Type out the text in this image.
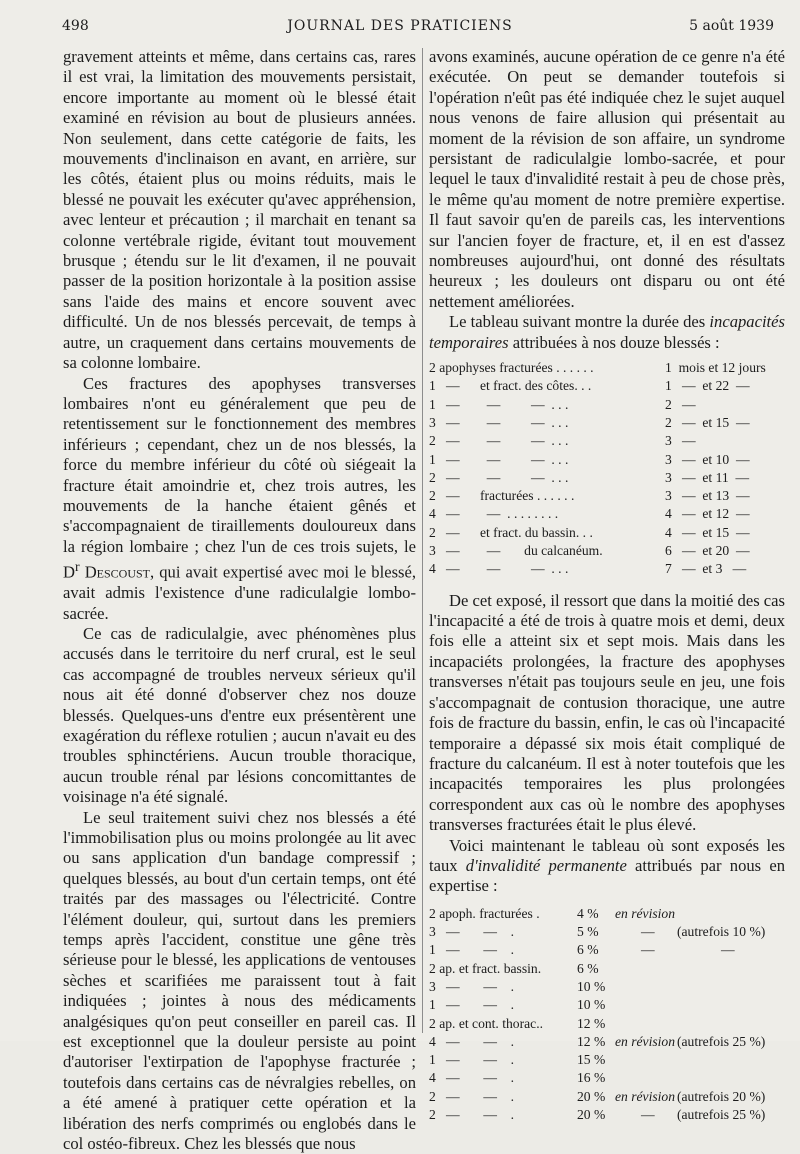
JOURNAL DES PRATICIENS
498	5 août 1939

gravement atteints et même, dans certains cas, rares il est vrai, la limitation des mouvements persistait, encore importante au moment où le blessé était examiné en révision au bout de plusieurs années. Non seulement, dans cette catégorie de faits, les mouvements d'inclinaison en avant, en arrière, sur les côtés, étaient plus ou moins réduits, mais le blessé ne pouvait les exécuter qu'avec appréhension, avec lenteur et précaution ; il marchait en tenant sa colonne vertébrale rigide, évitant tout mouvement brusque ; étendu sur le lit d'examen, il ne pouvait passer de la position horizontale à la position assise sans l'aide des mains et encore souvent avec difficulté. Un de nos blessés percevait, de temps à autre, un craquement dans certains mouvements de sa colonne lombaire.

Ces fractures des apophyses transverses lombaires n'ont eu généralement que peu de retentissement sur le fonctionnement des membres inférieurs ; cependant, chez un de nos blessés, la force du membre inférieur du côté où siégeait la fracture était amoindrie et, chez trois autres, les mouvements de la hanche étaient gênés et s'accompagnaient de tiraillements douloureux dans la région lombaire ; chez l'un de ces trois sujets, le $D^r$ Descoust, qui avait expertisé avec moi le blessé, avait admis l'existence d'une radiculalgie lombo-sacrée.

Ce cas de radiculalgie, avec phénomènes plus accusés dans le territoire du nerf crural, est le seul cas accompagné de troubles nerveux sérieux qu'il nous ait été donné d'observer chez nos douze blessés. Quelques-uns d'entre eux présentèrent une exagération du réflexe rotulien ; aucun n'avait eu des troubles sphinctériens. Aucun trouble thoracique, aucun trouble rénal par lésions concomittantes de voisinage n'a été signalé.

Le seul traitement suivi chez nos blessés a été l'immobilisation plus ou moins prolongée au lit avec ou sans application d'un bandage compressif ; quelques blessés, au bout d'un certain temps, ont été traités par des massages ou l'électricité. Contre l'élément douleur, qui, surtout dans les premiers temps après l'accident, constitue une gêne très sérieuse pour le blessé, les applications de ventouses sèches et scarifiées me paraissent tout à fait indiquées ; jointes à nous des médicaments analgésiques qu'on peut conseiller en pareil cas. Il est exceptionnel que la douleur persiste au point d'autoriser l'extirpation de l'apophyse fracturée ; toutefois dans certains cas de névralgies rebelles, on a été amené à pratiquer cette opération et la libération des nerfs comprimés ou englobés dans le col ostéo-fibreux. Chez les blessés que nous

avons examinés, aucune opération de ce genre n'a été exécutée. On peut se demander toutefois si l'opération n'eût pas été indiquée chez le sujet auquel nous venons de faire allusion qui présentait au moment de la révision de son affaire, un syndrome persistant de radiculalgie lombo-sacrée, et pour lequel le taux d'invalidité restait à peu de chose près, le même qu'au moment de notre première expertise. Il faut savoir qu'en de pareils cas, les interventions sur l'ancien foyer de fracture, et, il en est d'assez nombreuses aujourd'hui, ont donné des résultats heureux ; les douleurs ont disparu ou ont été nettement améliorées.

Le tableau suivant montre la durée des incapacités temporaires attribuées à nos douze blessés :

2 apophyses fracturées . . . . . .	1  mois et 12 jours
1   —      et fract. des côtes. . .	1   —  et 22  —
1   —        —         —  . . .	2   —
3   —        —         —  . . .	2   —  et 15  —
2   —        —         —  . . .	3   —
1   —        —         —  . . .	3   —  et 10  —
2   —        —         —  . . .	3   —  et 11  —
2   —      fracturées . . . . . .	3   —  et 13  —
4   —        —  . . . . . . . .	4   —  et 12  —
2   —      et fract. du bassin. . .	4   —  et 15  —
3   —        —       du calcanéum.	6   —  et 20  —
4   —        —         —  . . .	7   —  et 3   —

De cet exposé, il ressort que dans la moitié des cas l'incapacité a été de trois à quatre mois et demi, deux fois elle a atteint six et sept mois. Mais dans les incapaciéts prolongées, la fracture des apophyses transverses n'était pas toujours seule en jeu, une fois s'accompagnait de contusion thoracique, une autre fois de fracture du bassin, enfin, le cas où l'incapacité temporaire a dépassé six mois était compliqué de fracture du calcanéum. Il est à noter toutefois que les incapacités temporaires les plus prolongées correspondent aux cas où le nombre des apophyses transverses fracturées était le plus élevé.

Voici maintenant le tableau où sont exposés les taux d'invalidité permanente attribués par nous en expertise :

2 apoph. fracturées .	4 % en révision
3   —       —    .	5 %	— (autrefois 10 %)
1   —       —    .	6 %	—	—
2 ap. et fract. bassin.	6 %
3   —       —    .	10 %
1   —       —    .	10 %
2 ap. et cont. thorac..	12 %
4   —       —    .	12 % en révision (autrefois 25 %)
1   —       —    .	15 %
4   —       —    .	16 %
2   —       —    .	20 % en révision (autrefois 20 %)
2   —       —    .	20 %	— (autrefois 25 %)
